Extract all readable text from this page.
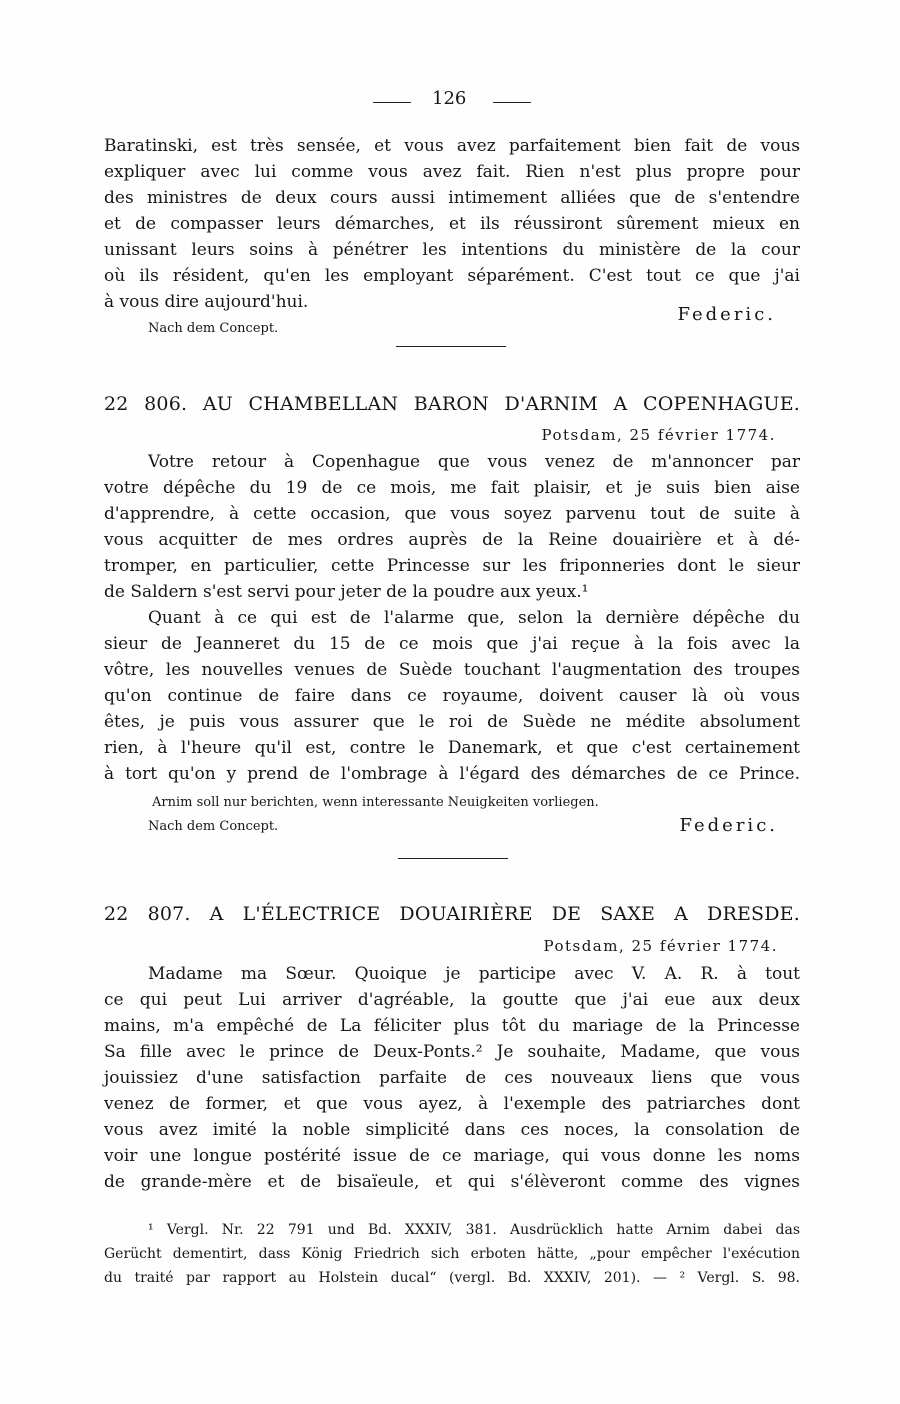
126
Baratinski, est très sensée, et vous avez parfaitement bien fait de vous
expliquer avec lui comme vous avez fait. Rien n'est plus propre pour
des ministres de deux cours aussi intimement alliées que de s'entendre
et de compasser leurs démarches, et ils réussiront sûrement mieux en
unissant leurs soins à pénétrer les intentions du ministère de la cour
où ils résident, qu'en les employant séparément. C'est tout ce que j'ai
à vous dire aujourd'hui.
Federic.
Nach dem Concept.
22 806. AU CHAMBELLAN BARON D'ARNIM A COPENHAGUE.
Potsdam, 25 février 1774.
Votre retour à Copenhague que vous venez de m'annoncer par
votre dépêche du 19 de ce mois, me fait plaisir, et je suis bien aise
d'apprendre, à cette occasion, que vous soyez parvenu tout de suite à
vous acquitter de mes ordres auprès de la Reine douairière et à dé-
tromper, en particulier, cette Princesse sur les friponneries dont le sieur
de Saldern s'est servi pour jeter de la poudre aux yeux.¹
Quant à ce qui est de l'alarme que, selon la dernière dépêche du
sieur de Jeanneret du 15 de ce mois que j'ai reçue à la fois avec la
vôtre, les nouvelles venues de Suède touchant l'augmentation des troupes
qu'on continue de faire dans ce royaume, doivent causer là où vous
êtes, je puis vous assurer que le roi de Suède ne médite absolument
rien, à l'heure qu'il est, contre le Danemark, et que c'est certainement
à tort qu'on y prend de l'ombrage à l'égard des démarches de ce Prince.
Arnim soll nur berichten, wenn interessante Neuigkeiten vorliegen.
Nach dem Concept.	Federic.
22 807. A L'ÉLECTRICE DOUAIRIÈRE DE SAXE A DRESDE.
Potsdam, 25 février 1774.
Madame ma Sœur. Quoique je participe avec V. A. R. à tout
ce qui peut Lui arriver d'agréable, la goutte que j'ai eue aux deux
mains, m'a empêché de La féliciter plus tôt du mariage de la Princesse
Sa fille avec le prince de Deux-Ponts.² Je souhaite, Madame, que vous
jouissiez d'une satisfaction parfaite de ces nouveaux liens que vous
venez de former, et que vous ayez, à l'exemple des patriarches dont
vous avez imité la noble simplicité dans ces noces, la consolation de
voir une longue postérité issue de ce mariage, qui vous donne les noms
de grande-mère et de bisaïeule, et qui s'élèveront comme des vignes
¹ Vergl. Nr. 22 791 und Bd. XXXIV, 381. Ausdrücklich hatte Arnim dabei das
Gerücht dementirt, dass König Friedrich sich erboten hätte, „pour empêcher l'exécution
du traité par rapport au Holstein ducal“ (vergl. Bd. XXXIV, 201). — ² Vergl. S. 98.
